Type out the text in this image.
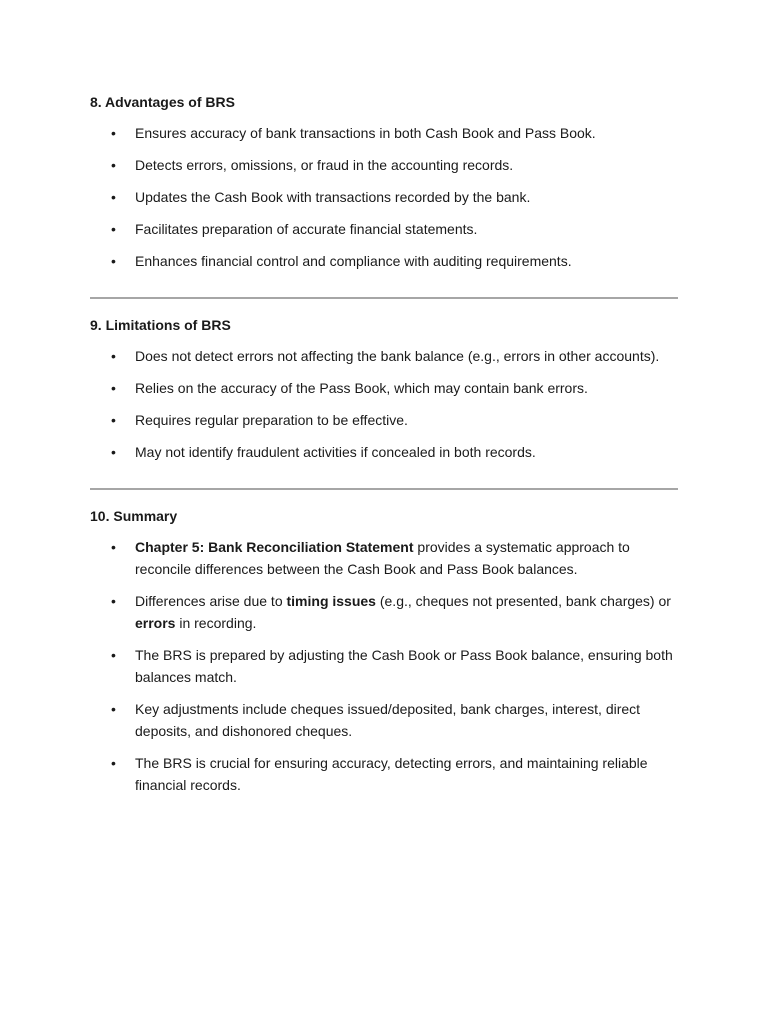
8. Advantages of BRS
• Ensures accuracy of bank transactions in both Cash Book and Pass Book.
• Detects errors, omissions, or fraud in the accounting records.
• Updates the Cash Book with transactions recorded by the bank.
• Facilitates preparation of accurate financial statements.
• Enhances financial control and compliance with auditing requirements.
9. Limitations of BRS
• Does not detect errors not affecting the bank balance (e.g., errors in other accounts).
• Relies on the accuracy of the Pass Book, which may contain bank errors.
• Requires regular preparation to be effective.
• May not identify fraudulent activities if concealed in both records.
10. Summary
• Chapter 5: Bank Reconciliation Statement provides a systematic approach to reconcile differences between the Cash Book and Pass Book balances.
• Differences arise due to timing issues (e.g., cheques not presented, bank charges) or errors in recording.
• The BRS is prepared by adjusting the Cash Book or Pass Book balance, ensuring both balances match.
• Key adjustments include cheques issued/deposited, bank charges, interest, direct deposits, and dishonored cheques.
• The BRS is crucial for ensuring accuracy, detecting errors, and maintaining reliable financial records.
